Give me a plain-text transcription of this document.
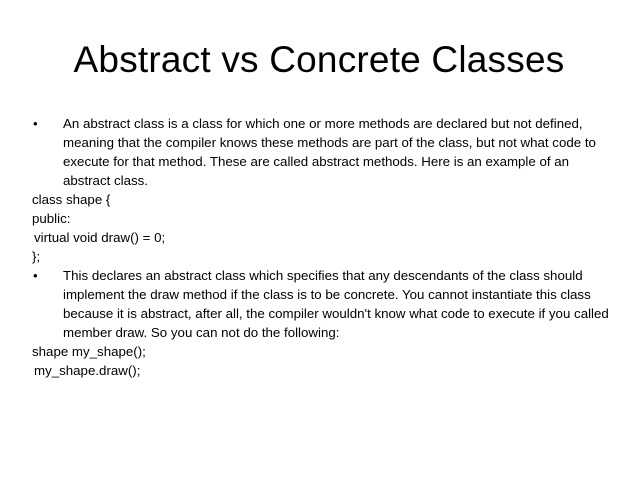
Abstract vs Concrete Classes

• An abstract class is a class for which one or more methods are declared but not defined, meaning that the compiler knows these methods are part of the class, but not what code to execute for that method. These are called abstract methods. Here is an example of an abstract class.

class shape {

public:

virtual void draw() = 0;

};

• This declares an abstract class which specifies that any descendants of the class should implement the draw method if the class is to be concrete. You cannot instantiate this class because it is abstract, after all, the compiler wouldn't know what code to execute if you called member draw. So you can not do the following:

shape my_shape();

my_shape.draw();
